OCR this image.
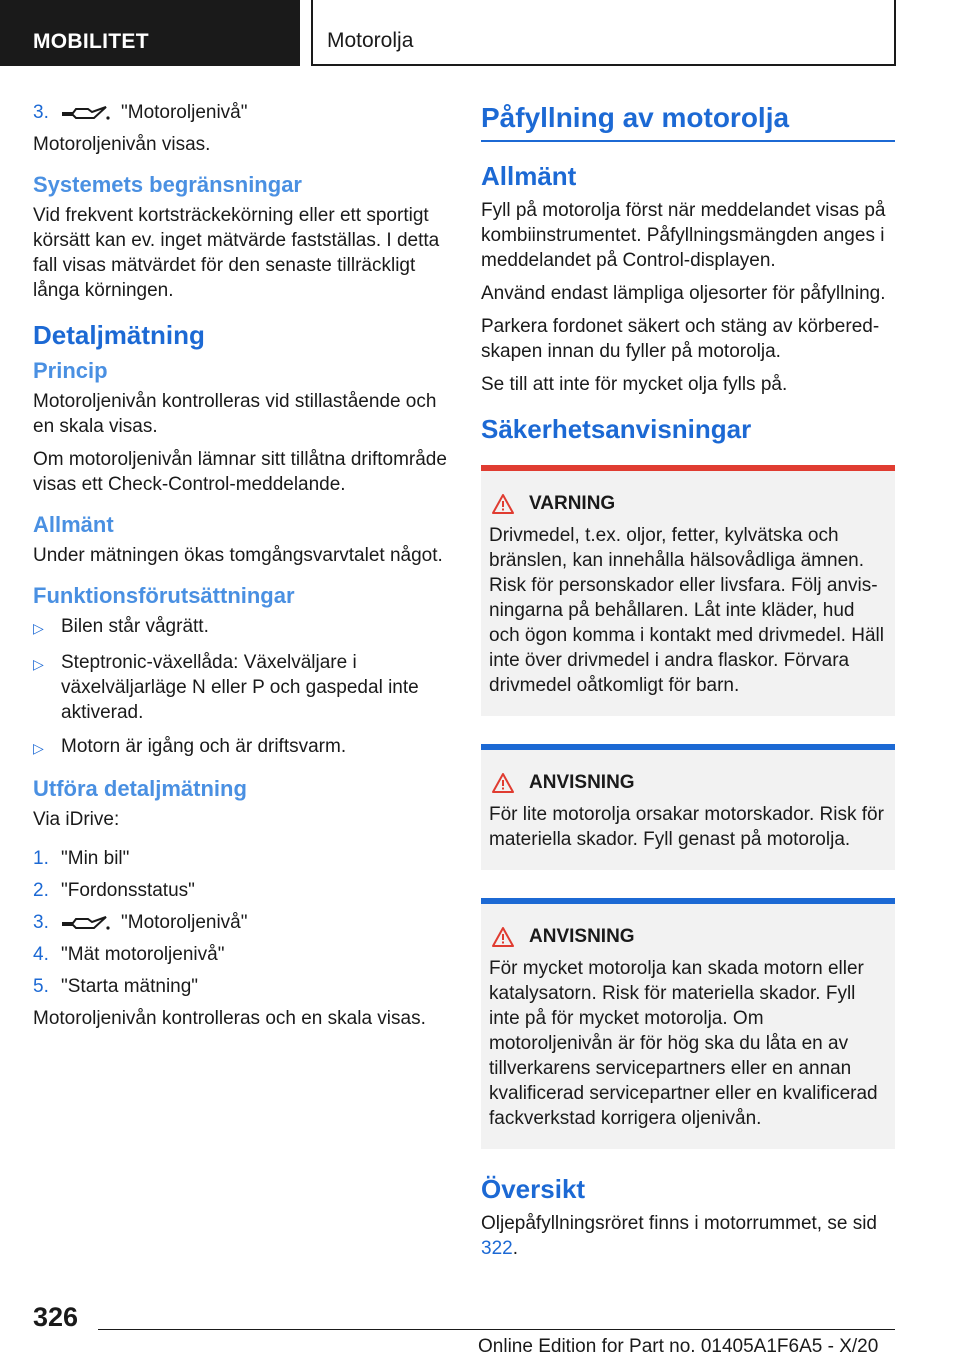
MOBILITET	Motorolja
3.	"Motoroljenivå"

Motoroljenivån visas.

Systemets begränsningar

Vid frekvent kortsträckekörning eller ett sportigt körsätt kan ev. inget mätvärde fastställas. I detta fall visas mätvärdet för den senaste tillräckligt långa körningen.

Detaljmätning
Princip

Motoroljenivån kontrolleras vid stillastående och en skala visas.

Om motoroljenivån lämnar sitt tillåtna driftområde visas ett Check-Control-meddelande.

Allmänt

Under mätningen ökas tomgångsvarvtalet något.

Funktionsförutsättningar
▷ Bilen står vågrätt.
▷ Steptronic-växellåda: Växelväljare i växelväljarläge N eller P och gaspedal inte aktiverad.
▷ Motorn är igång och är driftsvarm.
Utföra detaljmätning

Via iDrive:

1. "Min bil"
2. "Fordonsstatus"
3.	"Motoroljenivå"
4. "Mät motoroljenivå"
5. "Starta mätning"

Motoroljenivån kontrolleras och en skala visas.

Påfyllning av motorolja
Allmänt

Fyll på motorolja först när meddelandet visas på kombiinstrumentet. Påfyllningsmängden anges i meddelandet på Control-displayen.

Använd endast lämpliga oljesorter för påfyllning.

Parkera fordonet säkert och stäng av körberedskapen innan du fyller på motorolja.

Se till att inte för mycket olja fylls på.

Säkerhetsanvisningar
VARNING

Drivmedel, t.ex. oljor, fetter, kylvätska och bränslen, kan innehålla hälsovådliga ämnen. Risk för personskador eller livsfara. Följ anvisningarna på behållaren. Låt inte kläder, hud och ögon komma i kontakt med drivmedel. Häll inte över drivmedel i andra flaskor. Förvara drivmedel oåtkomligt för barn.

ANVISNING

För lite motorolja orsakar motorskador. Risk för materiella skador. Fyll genast på motorolja.

ANVISNING

För mycket motorolja kan skada motorn eller katalysatorn. Risk för materiella skador. Fyll inte på för mycket motorolja. Om motoroljenivån är för hög ska du låta en av tillverkarens servicepartners eller en annan kvalificerad servicepartner eller en kvalificerad fackverkstad korrigera oljenivån.

Översikt

Oljepåfyllningsröret finns i motorrummet, se sid 322.

326
Online Edition for Part no. 01405A1F6A5 - X/20
